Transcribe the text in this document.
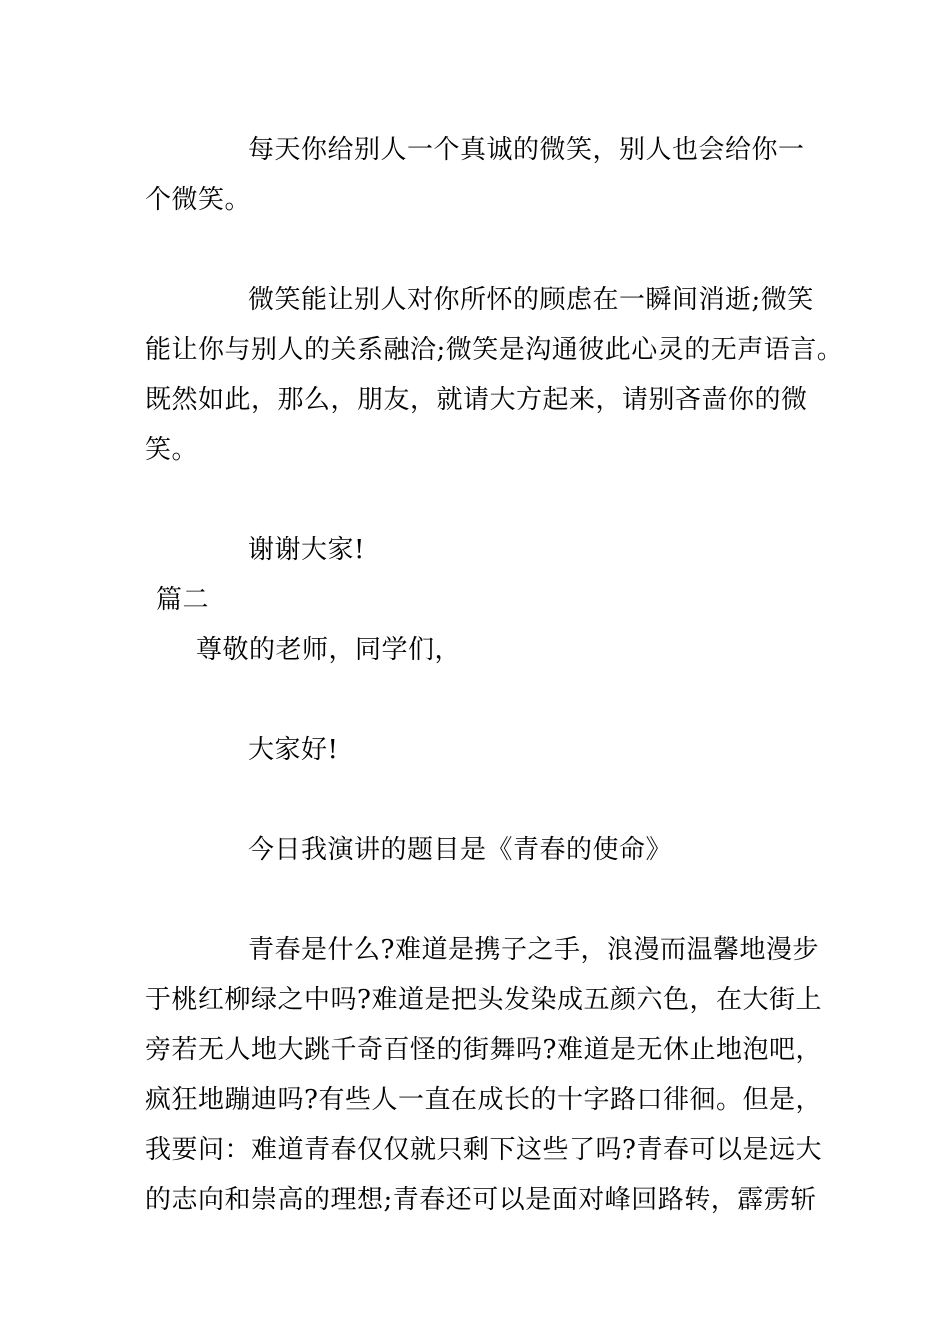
每天你给别人一个真诚的微笑，别人也会给你一
个微笑。
微笑能让别人对你所怀的顾虑在一瞬间消逝;微笑
能让你与别人的关系融洽;微笑是沟通彼此心灵的无声语言。
既然如此，那么，朋友，就请大方起来，请别吝啬你的微
笑。
谢谢大家!
篇二
尊敬的老师，同学们，
大家好!
今日我演讲的题目是《青春的使命》
青春是什么?难道是携子之手，浪漫而温馨地漫步
于桃红柳绿之中吗?难道是把头发染成五颜六色，在大街上
旁若无人地大跳千奇百怪的街舞吗?难道是无休止地泡吧，
疯狂地蹦迪吗?有些人一直在成长的十字路口徘徊。但是，
我要问：难道青春仅仅就只剩下这些了吗?青春可以是远大
的志向和崇高的理想;青春还可以是面对峰回路转，霹雳斩
